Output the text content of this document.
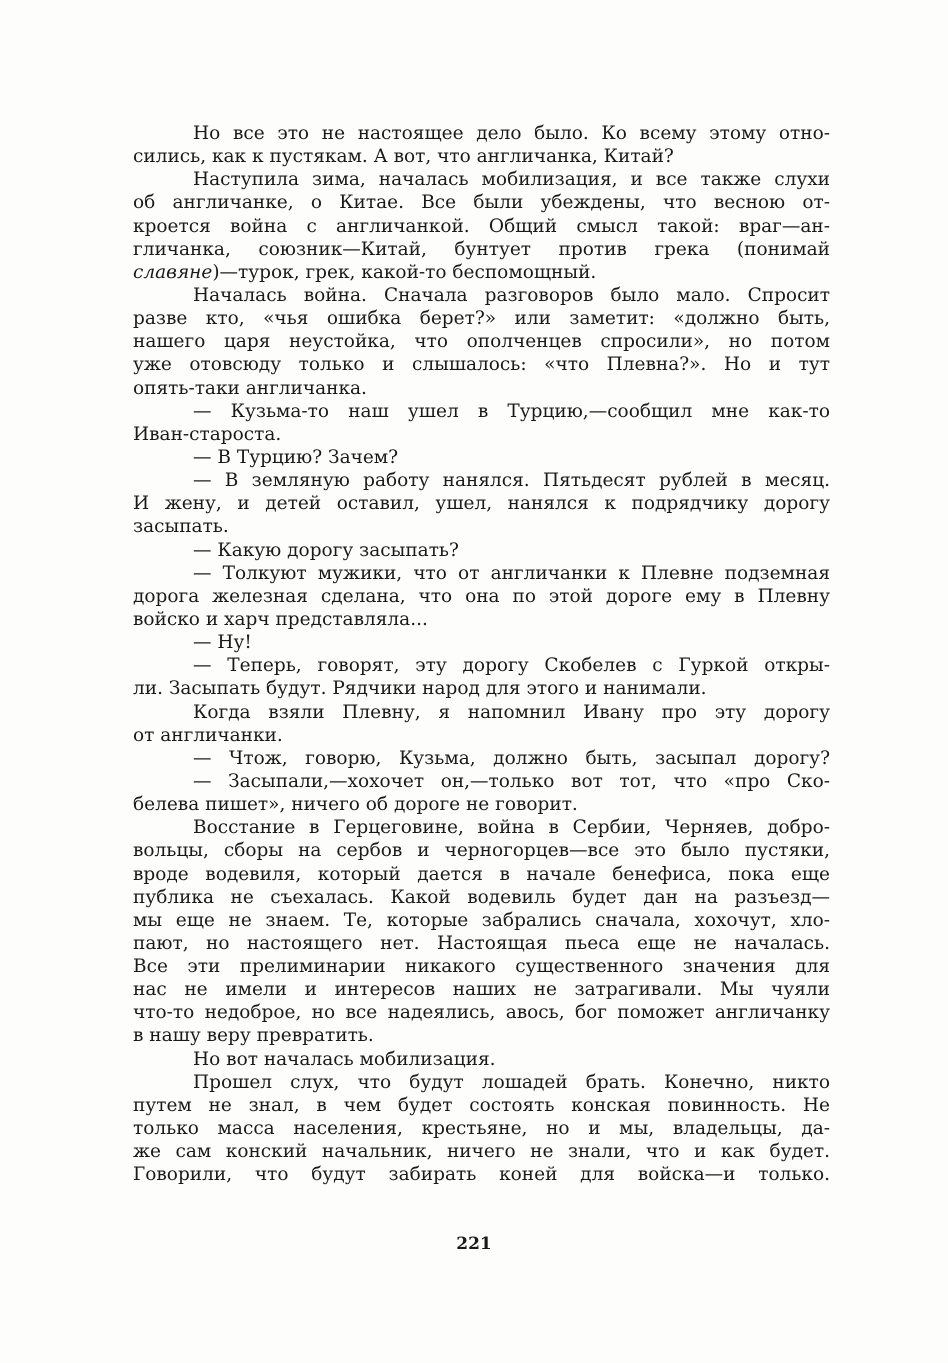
Но все это не настоящее дело было. Ко всему этому отно-
сились, как к пустякам. А вот, что англичанка, Китай?
Наступила зима, началась мобилизация, и все также слухи
об англичанке, о Китае. Все были убеждены, что весною от-
кроется война с англичанкой. Общий смысл такой: враг—ан-
гличанка, союзник—Китай, бунтует против грека (понимай
славяне)—турок, грек, какой-то беспомощный.
Началась война. Сначала разговоров было мало. Спросит
разве кто, «чья ошибка берет?» или заметит: «должно быть,
нашего царя неустойка, что ополченцев спросили», но потом
уже отовсюду только и слышалось: «что Плевна?». Но и тут
опять-таки англичанка.
— Кузьма-то наш ушел в Турцию,—сообщил мне как-то
Иван-староста.
— В Турцию? Зачем?
— В земляную работу нанялся. Пятьдесят рублей в месяц.
И жену, и детей оставил, ушел, нанялся к подрядчику дорогу
засыпать.
— Какую дорогу засыпать?
— Толкуют мужики, что от англичанки к Плевне подземная
дорога железная сделана, что она по этой дороге ему в Плевну
войско и харч представляла...
— Ну!
— Теперь, говорят, эту дорогу Скобелев с Гуркой откры-
ли. Засыпать будут. Рядчики народ для этого и нанимали.
Когда взяли Плевну, я напомнил Ивану про эту дорогу
от англичанки.
— Чтож, говорю, Кузьма, должно быть, засыпал дорогу?
— Засыпали,—хохочет он,—только вот тот, что «про Ско-
белева пишет», ничего об дороге не говорит.
Восстание в Герцеговине, война в Сербии, Черняев, добро-
вольцы, сборы на сербов и черногорцев—все это было пустяки,
вроде водевиля, который дается в начале бенефиса, пока еще
публика не съехалась. Какой водевиль будет дан на разъезд—
мы еще не знаем. Те, которые забрались сначала, хохочут, хло-
пают, но настоящего нет. Настоящая пьеса еще не началась.
Все эти прелиминарии никакого существенного значения для
нас не имели и интересов наших не затрагивали. Мы чуяли
что-то недоброе, но все надеялись, авось, бог поможет англичанку
в нашу веру превратить.
Но вот началась мобилизация.
Прошел слух, что будут лошадей брать. Конечно, никто
путем не знал, в чем будет состоять конская повинность. Не
только масса населения, крестьяне, но и мы, владельцы, да-
же сам конский начальник, ничего не знали, что и как будет.
Говорили, что будут забирать коней для войска—и только.
221
